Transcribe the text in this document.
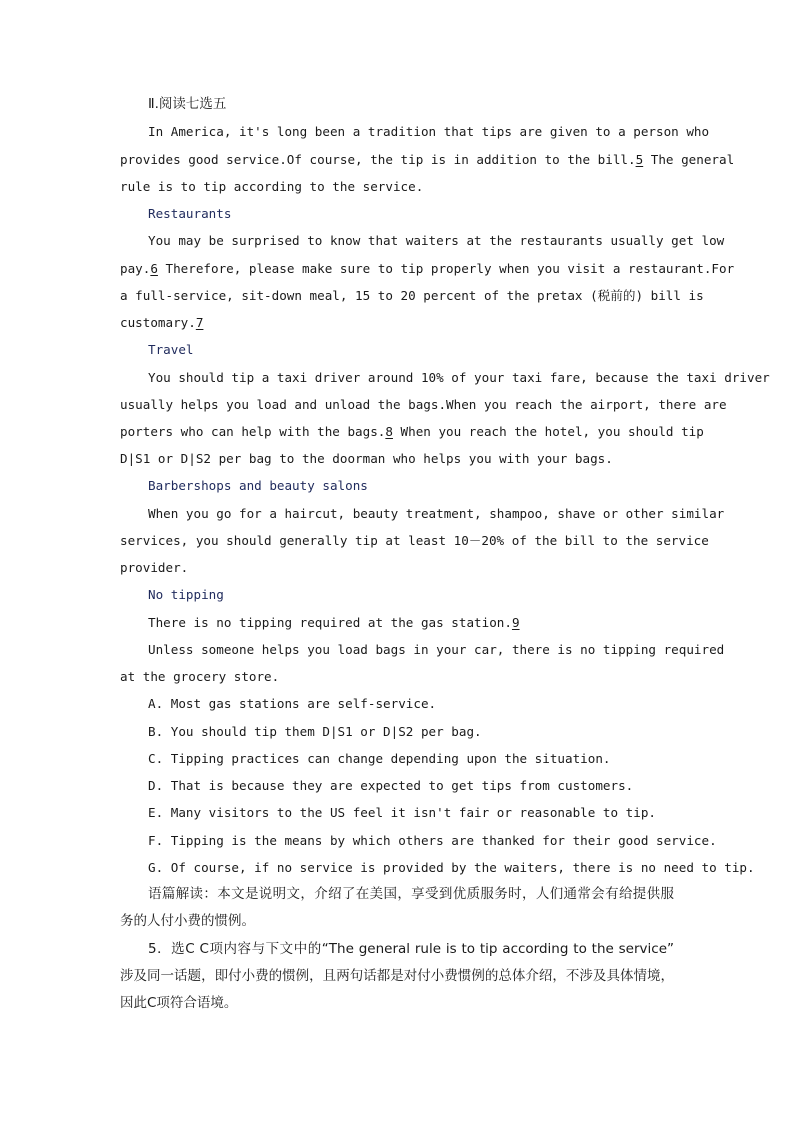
Ⅱ.阅读七选五
In America, it's long been a tradition that tips are given to a person who
provides good service.Of course, the tip is in addition to the bill.5 The general
rule is to tip according to the service.
Restaurants
You may be surprised to know that waiters at the restaurants usually get low
pay.6 Therefore, please make sure to tip properly when you visit a restaurant.For
a full-service, sit-down meal, 15 to 20 percent of the pretax (税前的) bill is
customary.7
Travel
You should tip a taxi driver around 10% of your taxi fare, because the taxi driver
usually helps you load and unload the bags.When you reach the airport, there are
porters who can help with the bags.8 When you reach the hotel, you should tip
D|S1 or D|S2 per bag to the doorman who helps you with your bags.
Barbershops and beauty salons
When you go for a haircut, beauty treatment, shampoo, shave or other similar
services, you should generally tip at least 10－20% of the bill to the service
provider.
No tipping
There is no tipping required at the gas station.9
Unless someone helps you load bags in your car, there is no tipping required
at the grocery store.
A. Most gas stations are self-service.
B. You should tip them D|S1 or D|S2 per bag.
C. Tipping practices can change depending upon the situation.
D. That is because they are expected to get tips from customers.
E. Many visitors to the US feel it isn't fair or reasonable to tip.
F. Tipping is the means by which others are thanked for their good service.
G. Of course, if no service is provided by the waiters, there is no need to tip.
语篇解读：本文是说明文，介绍了在美国，享受到优质服务时，人们通常会有给提供服
务的人付小费的惯例。
5．选C C项内容与下文中的“The general rule is to tip according to the service”
涉及同一话题，即付小费的惯例，且两句话都是对付小费惯例的总体介绍，不涉及具体情境，
因此C项符合语境。
